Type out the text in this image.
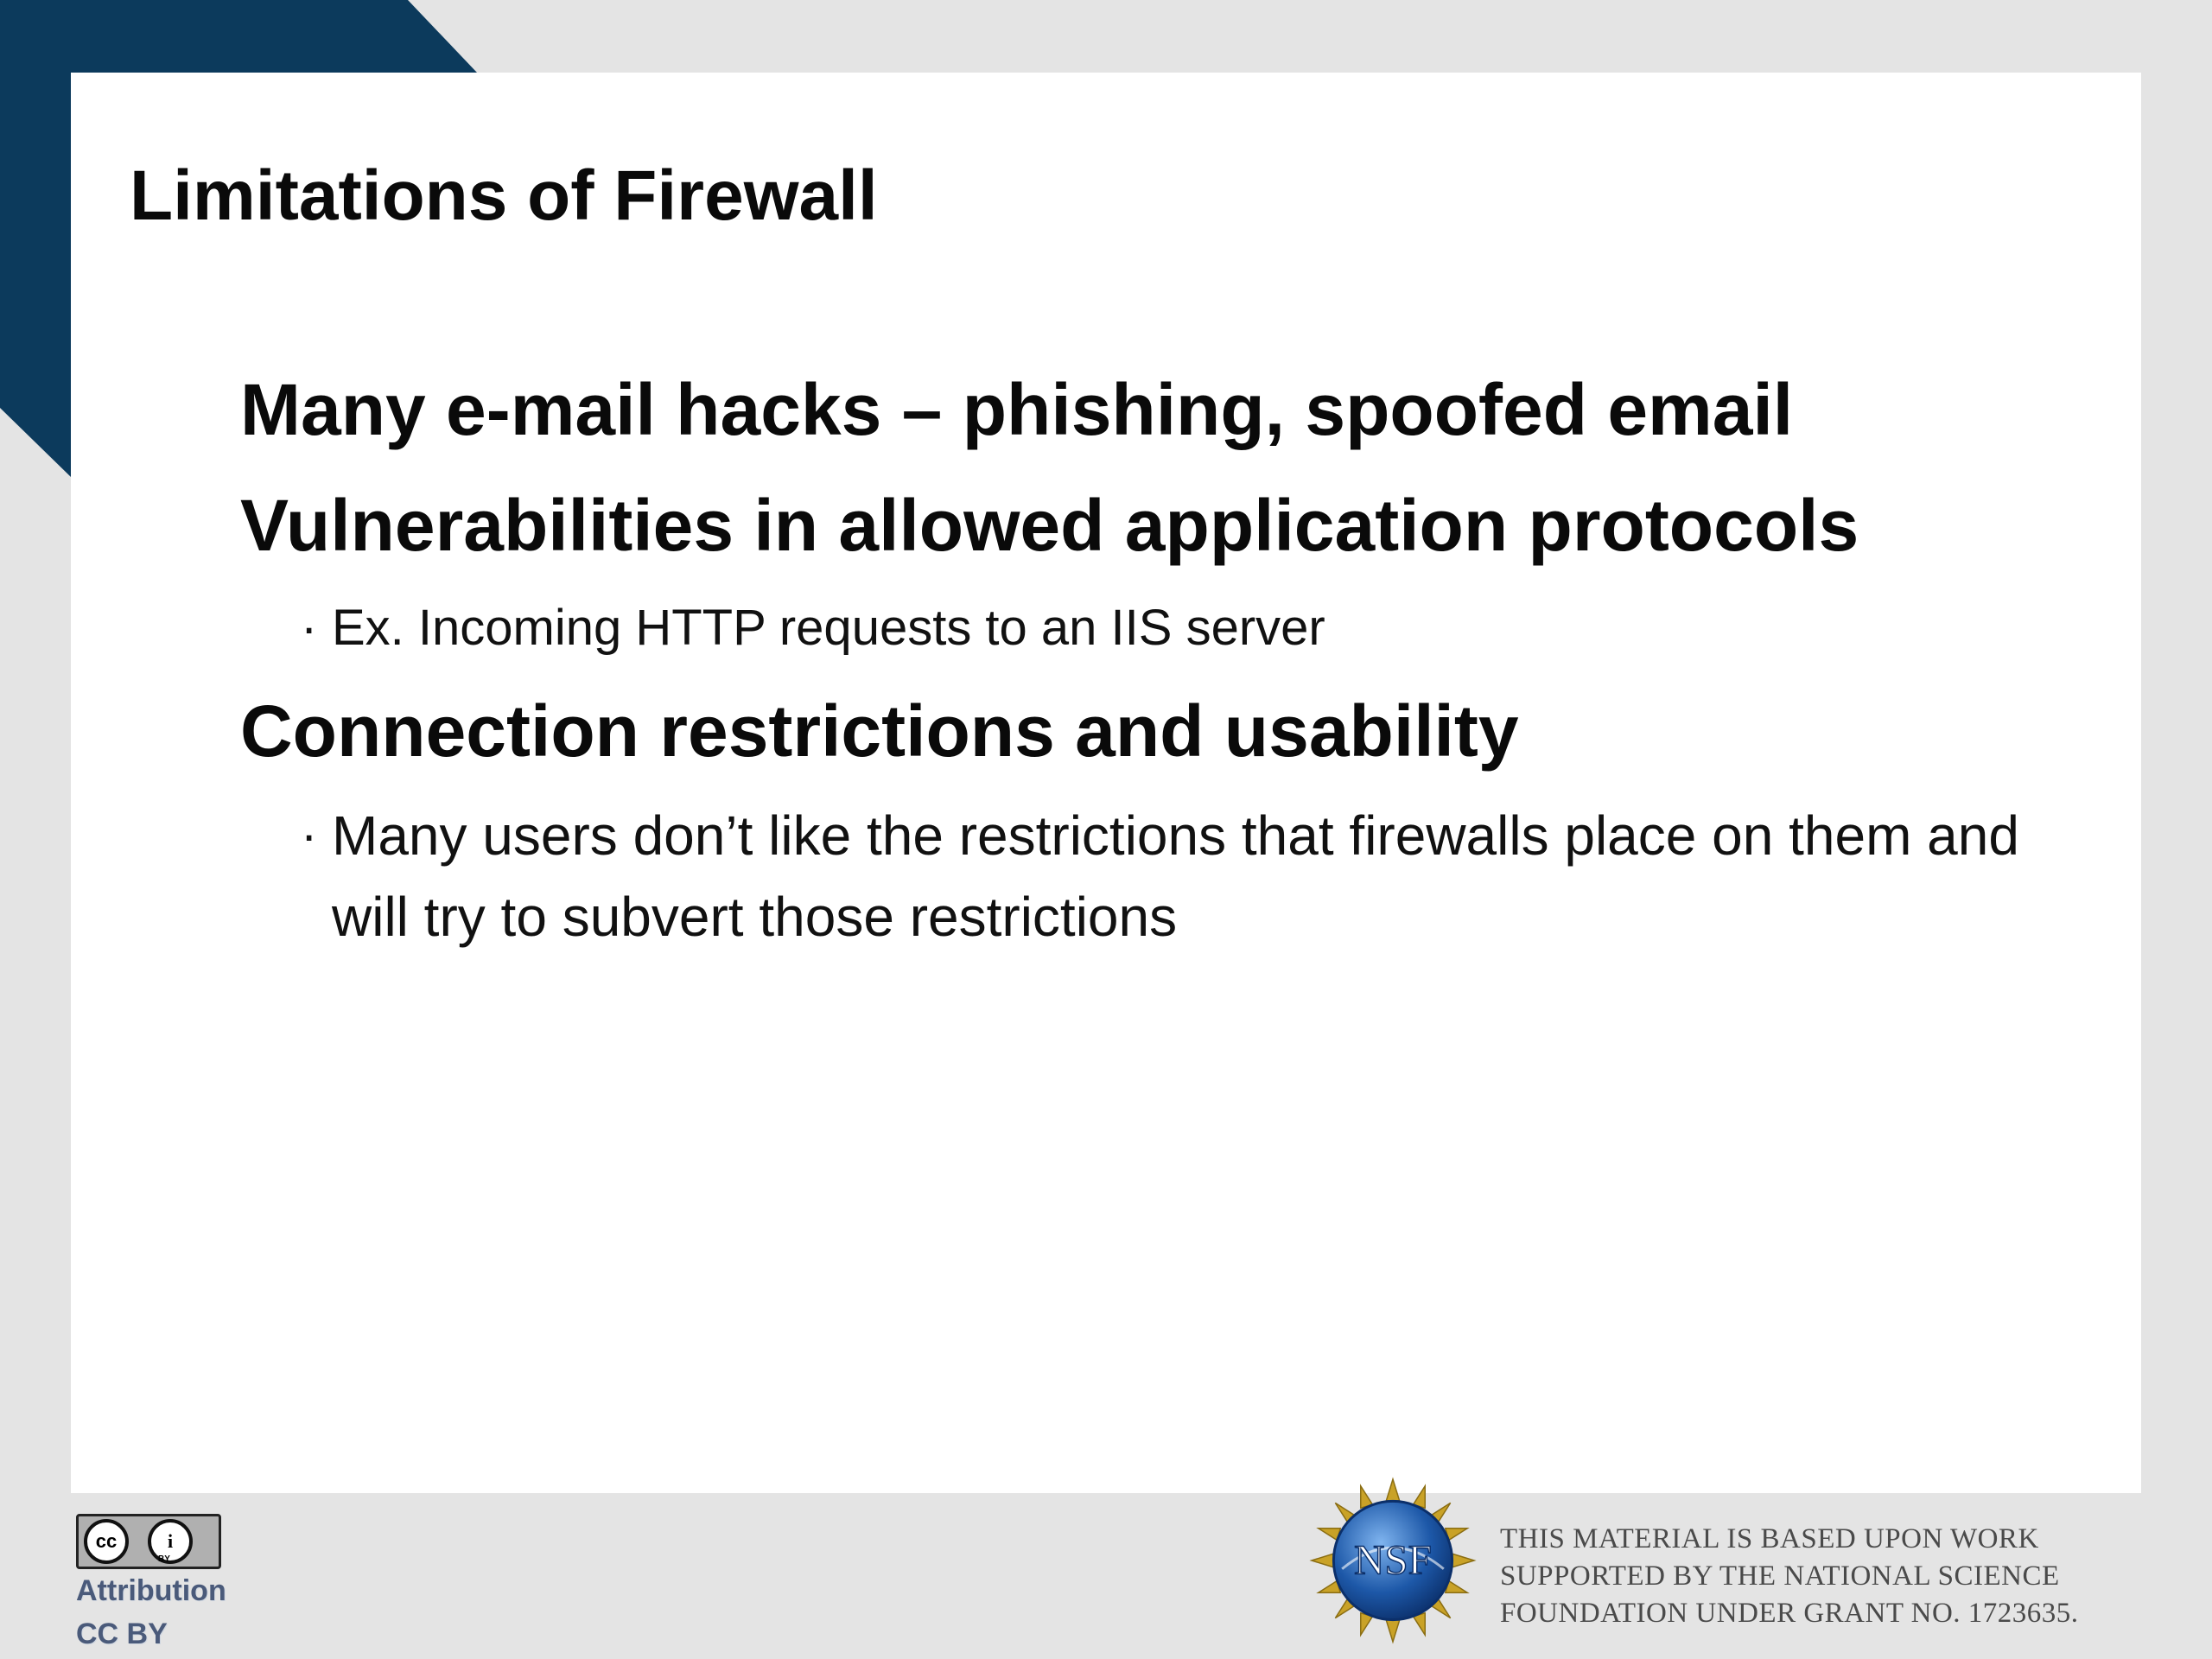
Limitations of Firewall

Many e-mail hacks – phishing, spoofed email

Vulnerabilities in allowed application protocols

· Ex. Incoming HTTP requests to an IIS server

Connection restrictions and usability

· Many users don’t like the restrictions that firewalls place on them and will try to subvert those restrictions
cc	i
BY

Attribution

CC BY

NSF THIS MATERIAL IS BASED UPON WORK
SUPPORTED BY THE NATIONAL SCIENCE
FOUNDATION UNDER GRANT NO. 1723635.
